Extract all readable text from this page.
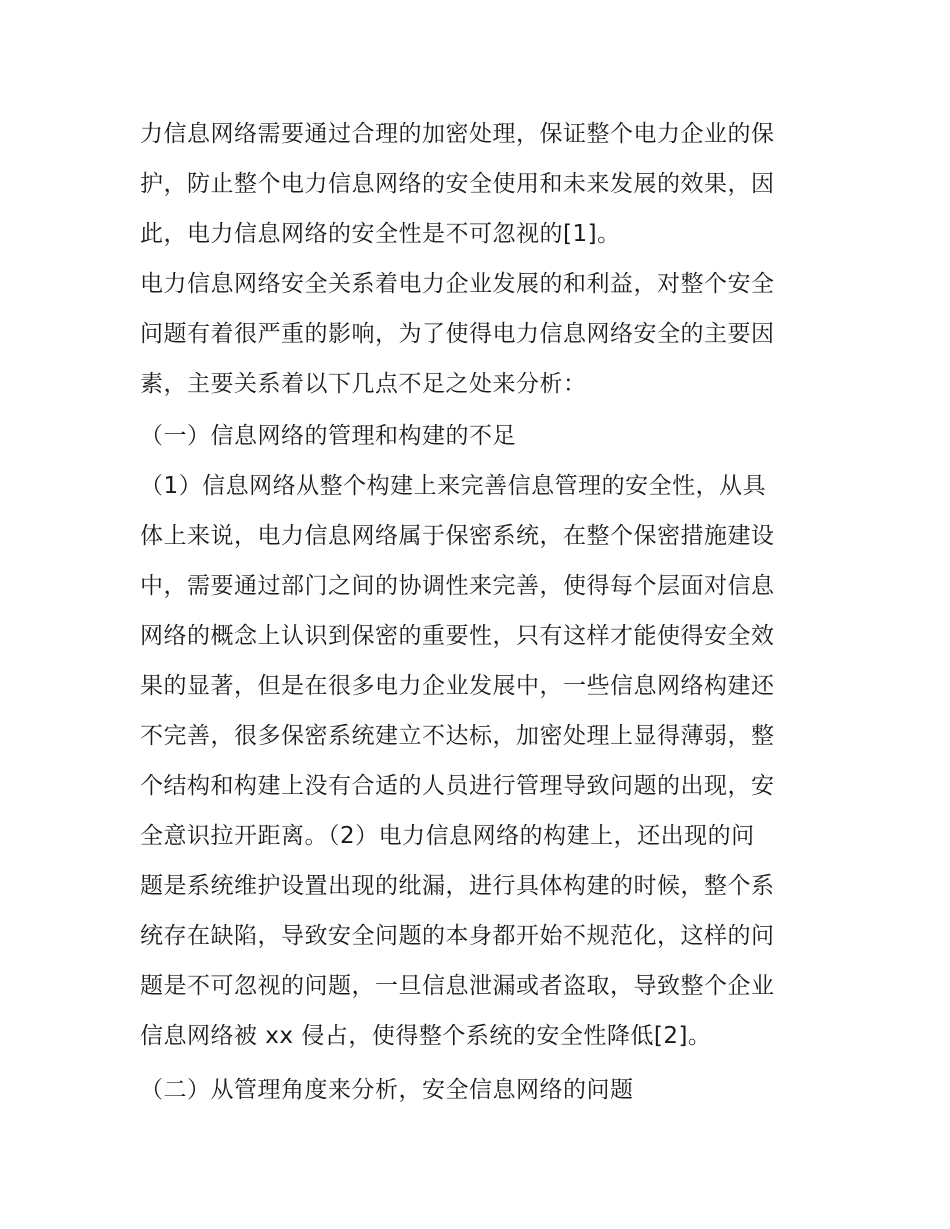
力信息网络需要通过合理的加密处理，保证整个电力企业的保
护，防止整个电力信息网络的安全使用和未来发展的效果，因
此，电力信息网络的安全性是不可忽视的[1]。
电力信息网络安全关系着电力企业发展的和利益，对整个安全
问题有着很严重的影响，为了使得电力信息网络安全的主要因
素，主要关系着以下几点不足之处来分析：
（一）信息网络的管理和构建的不足
（1）信息网络从整个构建上来完善信息管理的安全性，从具
体上来说，电力信息网络属于保密系统，在整个保密措施建设
中，需要通过部门之间的协调性来完善，使得每个层面对信息
网络的概念上认识到保密的重要性，只有这样才能使得安全效
果的显著，但是在很多电力企业发展中，一些信息网络构建还
不完善，很多保密系统建立不达标，加密处理上显得薄弱，整
个结构和构建上没有合适的人员进行管理导致问题的出现，安
全意识拉开距离。（2）电力信息网络的构建上，还出现的问
题是系统维护设置出现的纰漏，进行具体构建的时候，整个系
统存在缺陷，导致安全问题的本身都开始不规范化，这样的问
题是不可忽视的问题，一旦信息泄漏或者盗取，导致整个企业
信息网络被 xx 侵占，使得整个系统的安全性降低[2]。
（二）从管理角度来分析，安全信息网络的问题
